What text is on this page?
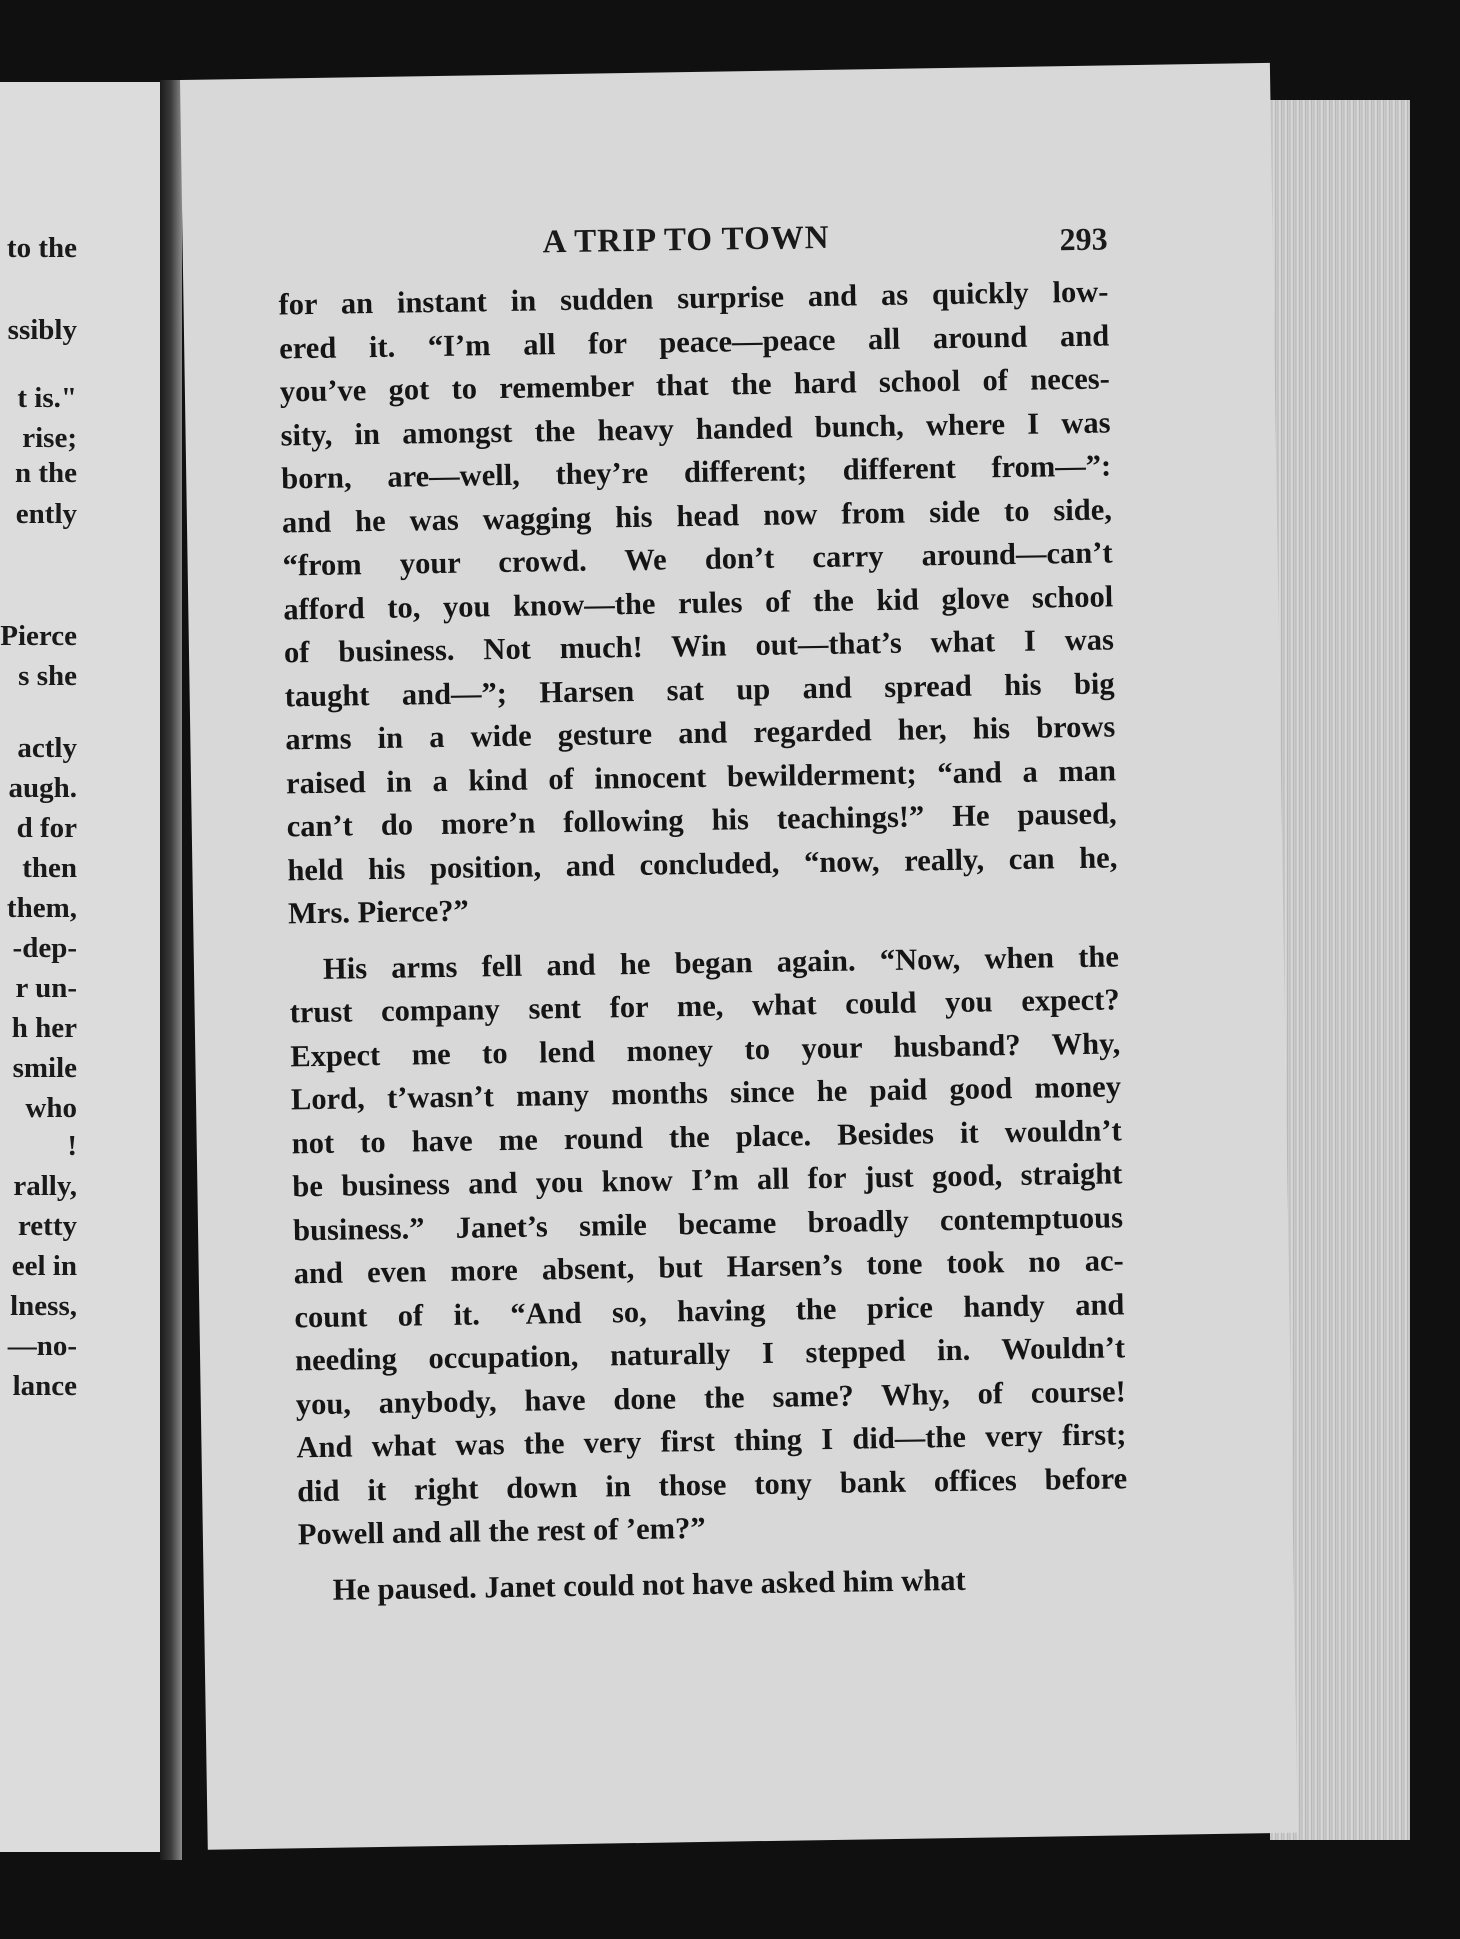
to the
ssibly
t is."
rise;
n the
ently
Pierce
s she
actly
augh.
d for
then
them,
-dep-
r un-
h her
smile
who
!
rally,
retty
eel in
lness,
—no-
lance
A TRIP TO TOWN	293
for an instant in sudden surprise and as quickly low-
ered it. “I’m all for peace—peace all around and
you’ve got to remember that the hard school of neces-
sity, in amongst the heavy handed bunch, where I was
born, are—well, they’re different; different from—”:
and he was wagging his head now from side to side,
“from your crowd. We don’t carry around—can’t
afford to, you know—the rules of the kid glove school
of business. Not much! Win out—that’s what I was
taught and—”; Harsen sat up and spread his big
arms in a wide gesture and regarded her, his brows
raised in a kind of innocent bewilderment; “and a man
can’t do more’n following his teachings!” He paused,
held his position, and concluded, “now, really, can he,
Mrs. Pierce?”
His arms fell and he began again. “Now, when the
trust company sent for me, what could you expect?
Expect me to lend money to your husband? Why,
Lord, t’wasn’t many months since he paid good money
not to have me round the place. Besides it wouldn’t
be business and you know I’m all for just good, straight
business.” Janet’s smile became broadly contemptuous
and even more absent, but Harsen’s tone took no ac-
count of it. “And so, having the price handy and
needing occupation, naturally I stepped in. Wouldn’t
you, anybody, have done the same? Why, of course!
And what was the very first thing I did—the very first;
did it right down in those tony bank offices before
Powell and all the rest of ’em?”
He paused. Janet could not have asked him what
